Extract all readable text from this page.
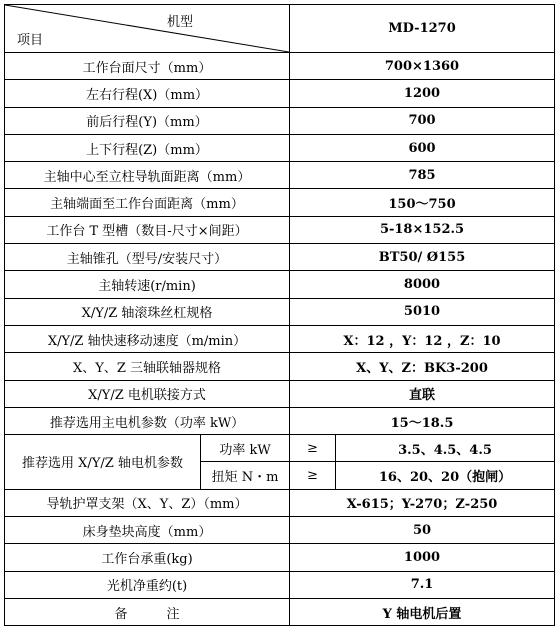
机型
项目		MD-1270	
工作台面尺寸（mm）		700×1360	
左右行程(X)（mm）		1200	
前后行程(Y)（mm）		700	
上下行程(Z)（mm）		600	
主轴中心至立柱导轨面距离（mm）		785	
主轴端面至工作台面距离（mm）		150～750	
工作台 T 型槽（数目-尺寸×间距）		5-18×152.5	
主轴锥孔（型号/安装尺寸）		BT50/ Ø155	
主轴转速(r/min)		8000	
X/Y/Z 轴滚珠丝杠规格		5010	
X/Y/Z 轴快速移动速度（m/min）		X：12 ，Y：12 ，Z：10	
X、Y、Z 三轴联轴器规格		X、Y、Z：BK3-200	
X/Y/Z 电机联接方式		直联	
推荐选用主电机参数（功率 kW）		15～18.5	
推荐选用 X/Y/Z 轴电机参数	功率 kW	≥	3.5、4.5、4.5
	扭矩 N・m	≥	16、20、20（抱闸）
导轨护罩支架（X、Y、Z）（mm）		X-615；Y-270；Z-250	
床身垫块高度（mm）		50	
工作台承重(kg)		1000	
光机净重约(t)		7.1	
备　　　注		Y 轴电机后置	
